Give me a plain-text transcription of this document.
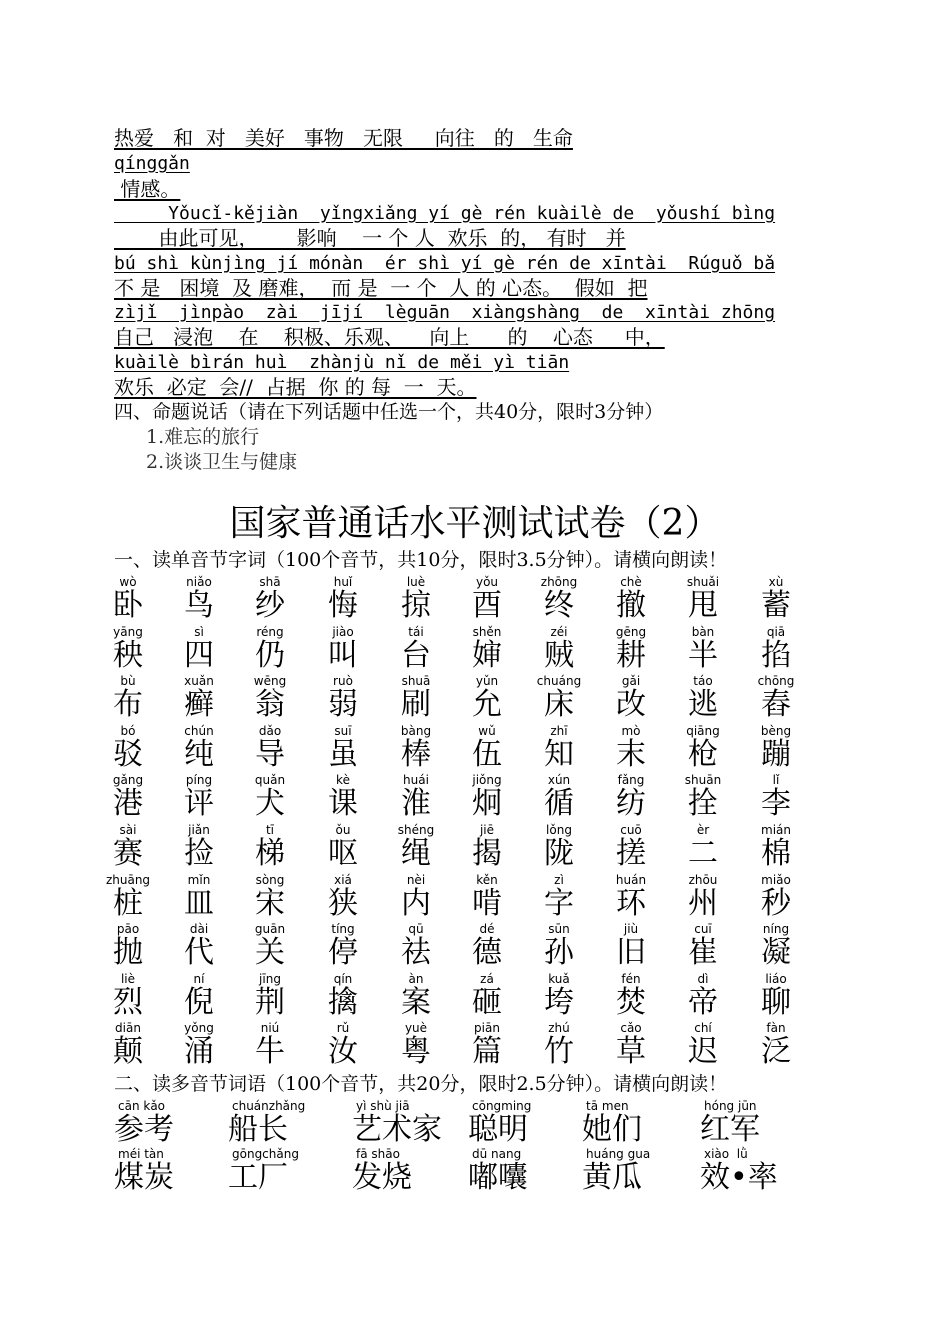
热爱   和  对   美好   事物   无限     向往   的   生命
qínggǎn
情感。
Yǒucǐ-kějiàn  yǐngxiǎng yí gè rén kuàilè de  yǒushí bìng
由此可见，      影响    一 个 人  欢乐  的， 有时   并
bú shì kùnjìng jí mónàn  ér shì yí gè rén de xīntài  Rúguǒ bǎ
不 是   困境  及 磨难，  而 是  一 个  人 的 心态。  假如  把
zìjǐ  jìnpào  zài  jījí  lèguān  xiàngshàng  de  xīntài zhōng
自己   浸泡    在    积极、乐观、    向上      的    心态     中，
kuàilè bìrán huì  zhànjù nǐ de měi yì tiān
欢乐  必定  会//  占据  你 的 每  一  天。
四、命题说话（请在下列话题中任选一个，共40分，限时3分钟）
1.难忘的旅行
2.谈谈卫生与健康
国家普通话水平测试试卷（2）
一、读单音节字词（100个音节，共10分，限时3.5分钟）。请横向朗读！
wò
卧
niǎo
鸟
shā
纱
huǐ
悔
luè
掠
yǒu
酉
zhōng
终
chè
撤
shuǎi
甩
xù
蓄
yāng
秧
sì
四
réng
仍
jiào
叫
tái
台
shěn
婶
zéi
贼
gēng
耕
bàn
半
qiā
掐
bù
布
xuǎn
癣
wēng
翁
ruò
弱
shuā
刷
yǔn
允
chuáng
床
gǎi
改
táo
逃
chōng
舂
bó
驳
chún
纯
dǎo
导
suī
虽
bàng
棒
wǔ
伍
zhī
知
mò
末
qiāng
枪
bèng
蹦
gǎng
港
píng
评
quǎn
犬
kè
课
huái
淮
jiǒng
炯
xún
循
fǎng
纺
shuān
拴
lǐ
李
sài
赛
jiǎn
捡
tī
梯
ǒu
呕
shéng
绳
jiē
揭
lǒng
陇
cuō
搓
èr
二
mián
棉
zhuāng
桩
mǐn
皿
sòng
宋
xiá
狭
nèi
内
kěn
啃
zì
字
huán
环
zhōu
州
miǎo
秒
pāo
抛
dài
代
guān
关
tíng
停
qū
祛
dé
德
sūn
孙
jiù
旧
cuī
崔
níng
凝
liè
烈
ní
倪
jīng
荆
qín
擒
àn
案
zá
砸
kuǎ
垮
fén
焚
dì
帝
liáo
聊
diān
颠
yǒng
涌
niú
牛
rǔ
汝
yuè
粤
piān
篇
zhú
竹
cǎo
草
chí
迟
fàn
泛
二、读多音节词语（100个音节，共20分，限时2.5分钟）。请横向朗读！
cān kǎo
参考
chuánzhǎng
船长
yì shù jiā
艺术家
cōngming
聪明
tā men
她们
hóng jūn
红军
méi tàn
煤炭
gōngchǎng
工厂
fā shāo
发烧
dū nang
嘟囔
huáng gua
黄瓜
xiào  lǜ
效•率
